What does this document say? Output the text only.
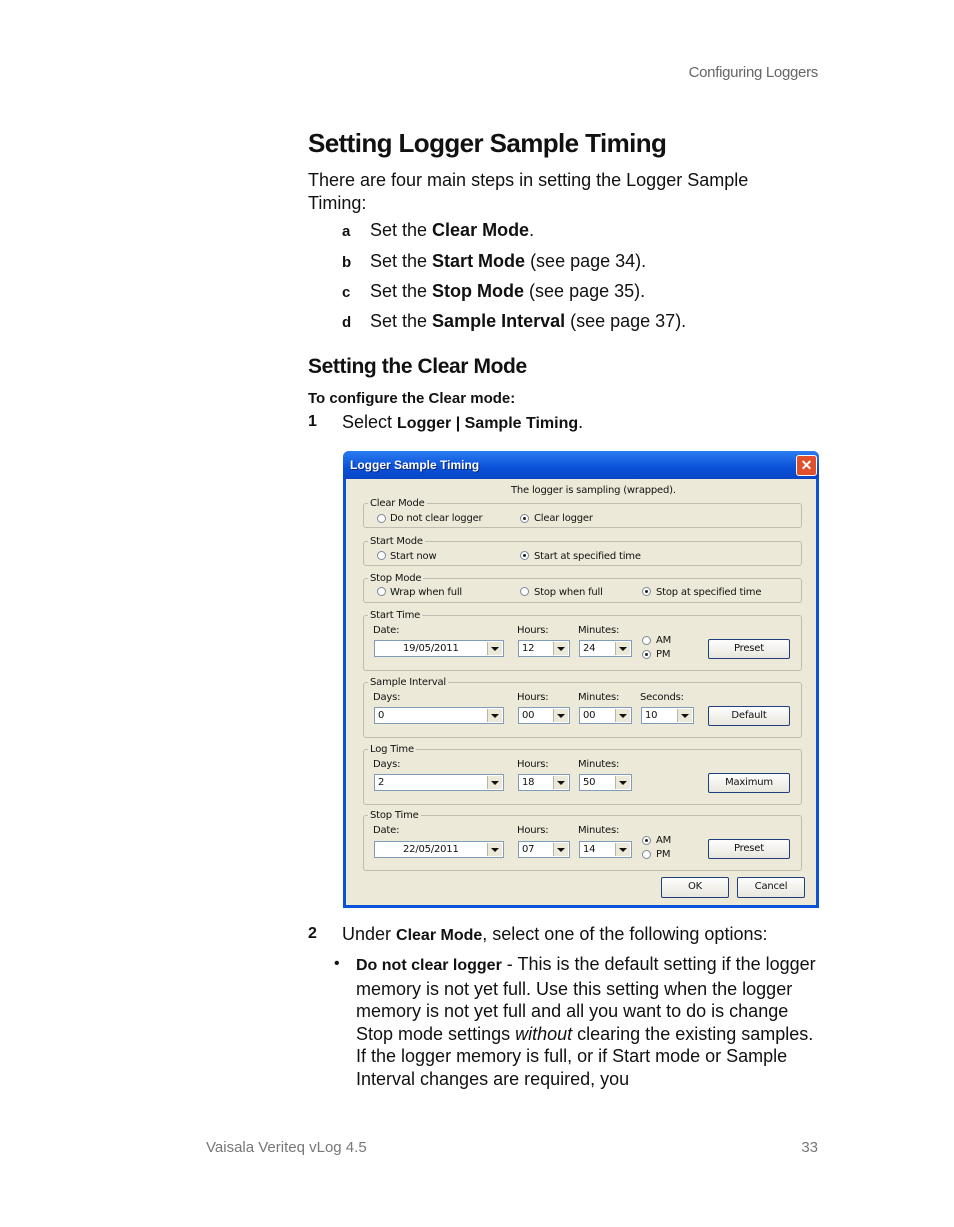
Configuring Loggers
Setting Logger Sample Timing
There are four main steps in setting the Logger Sample Timing:
a Set the Clear Mode.
b Set the Start Mode (see page 34).
c Set the Stop Mode (see page 35).
d Set the Sample Interval (see page 37).
Setting the Clear Mode
To configure the Clear mode:
1 Select Logger | Sample Timing.
Logger Sample Timing	✕
The logger is sampling (wrapped).
Clear Mode
Do not clear logger	Clear logger
Start Mode
Start now	Start at specified time
Stop Mode
Wrap when full	Stop when full	Stop at specified time
Start Time
Date:
19/05/2011
Hours:
12
Minutes:
24
AM
PM
Preset
Sample Interval
Days:
0
Hours:
00
Minutes:
00
Seconds:
10	Default
Log Time
Days:
2
Hours:
18
Minutes:
50	Maximum
Stop Time
Date:
22/05/2011
Hours:
07
Minutes:
14
AM
PM
Preset
OK	Cancel
2 Under Clear Mode, select one of the following options:
• Do not clear logger - This is the default setting if the logger memory is not yet full. Use this setting when the logger memory is not yet full and all you want to do is change Stop mode settings without clearing the existing samples. If the logger memory is full, or if Start mode or Sample Interval changes are required, you
Vaisala Veriteq vLog 4.5	33
